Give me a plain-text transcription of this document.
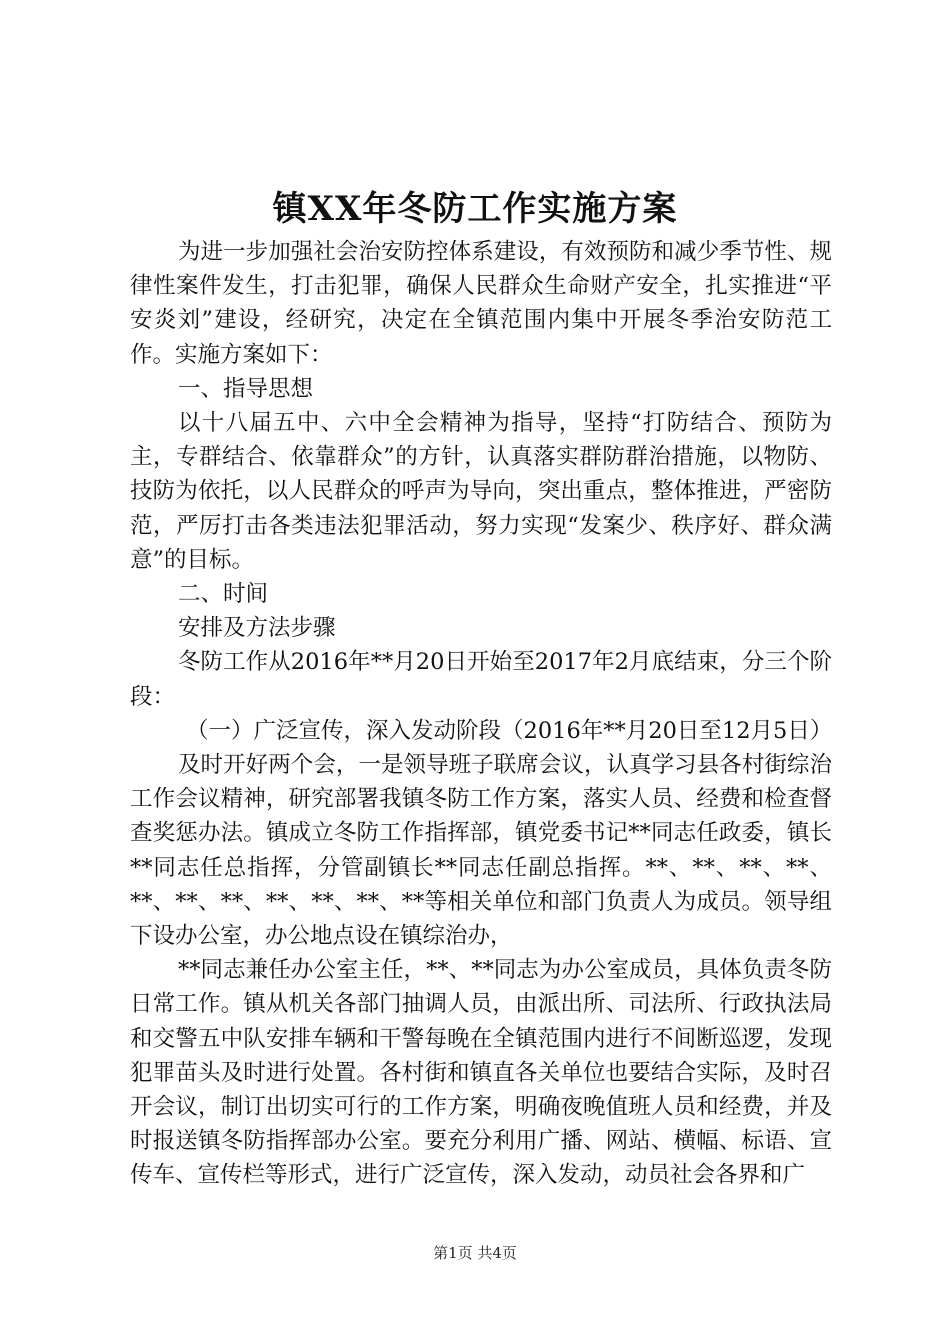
镇XX年冬防工作实施方案

为进一步加强社会治安防控体系建设，有效预防和减少季节性、规律性案件发生，打击犯罪，确保人民群众生命财产安全，扎实推进“平安炎刘”建设，经研究，决定在全镇范围内集中开展冬季治安防范工作。实施方案如下：

一、指导思想

以十八届五中、六中全会精神为指导，坚持“打防结合、预防为主，专群结合、依靠群众”的方针，认真落实群防群治措施，以物防、技防为依托，以人民群众的呼声为导向，突出重点，整体推进，严密防范，严厉打击各类违法犯罪活动，努力实现“发案少、秩序好、群众满意”的目标。

二、时间

安排及方法步骤

冬防工作从2016年**月20日开始至2017年2月底结束，分三个阶段：

（一）广泛宣传，深入发动阶段（2016年**月20日至12月5日）

及时开好两个会，一是领导班子联席会议，认真学习县各村街综治工作会议精神，研究部署我镇冬防工作方案，落实人员、经费和检查督查奖惩办法。镇成立冬防工作指挥部，镇党委书记**同志任政委，镇长**同志任总指挥，分管副镇长**同志任副总指挥。**、**、**、**、**、**、**、**、**、**、**等相关单位和部门负责人为成员。领导组下设办公室，办公地点设在镇综治办，

**同志兼任办公室主任，**、**同志为办公室成员，具体负责冬防日常工作。镇从机关各部门抽调人员，由派出所、司法所、行政执法局和交警五中队安排车辆和干警每晚在全镇范围内进行不间断巡逻，发现犯罪苗头及时进行处置。各村街和镇直各关单位也要结合实际，及时召开会议，制订出切实可行的工作方案，明确夜晚值班人员和经费，并及时报送镇冬防指挥部办公室。要充分利用广播、网站、横幅、标语、宣传车、宣传栏等形式，进行广泛宣传，深入发动，动员社会各界和广

第1页 共4页
